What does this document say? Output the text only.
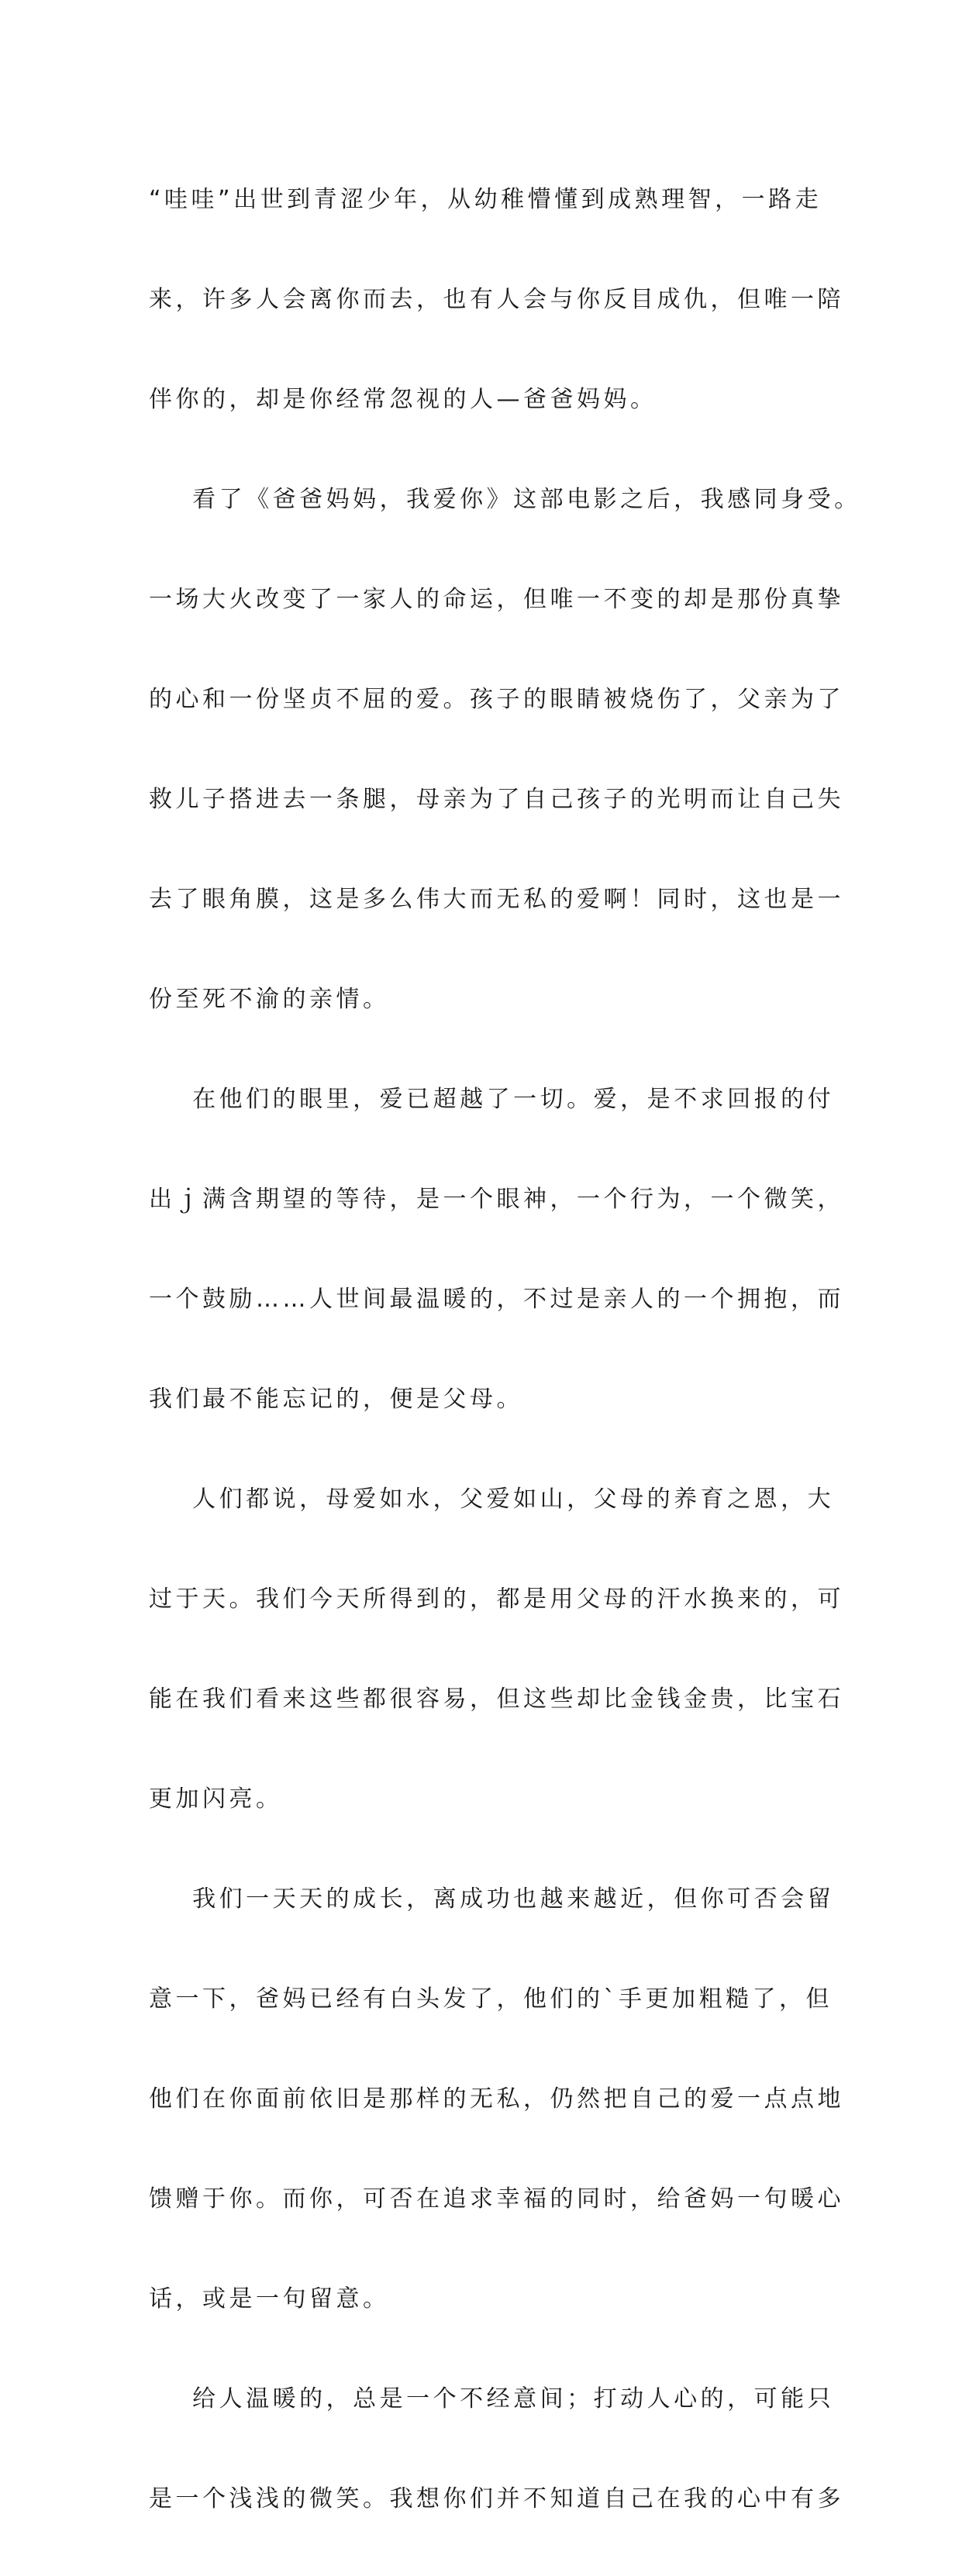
“哇哇”出世到青涩少年，从幼稚懵懂到成熟理智，一路走

来，许多人会离你而去，也有人会与你反目成仇，但唯一陪

伴你的，却是你经常忽视的人—爸爸妈妈。

看了《爸爸妈妈，我爱你》这部电影之后，我感同身受。

一场大火改变了一家人的命运，但唯一不变的却是那份真挚

的心和一份坚贞不屈的爱。孩子的眼睛被烧伤了，父亲为了

救儿子搭进去一条腿，母亲为了自己孩子的光明而让自己失

去了眼角膜，这是多么伟大而无私的爱啊！同时，这也是一

份至死不渝的亲情。

在他们的眼里，爱已超越了一切。爱，是不求回报的付

出ｊ满含期望的等待，是一个眼神，一个行为，一个微笑，

一个鼓励……人世间最温暖的，不过是亲人的一个拥抱，而

我们最不能忘记的，便是父母。

人们都说，母爱如水，父爱如山，父母的养育之恩，大

过于天。我们今天所得到的，都是用父母的汗水换来的，可

能在我们看来这些都很容易，但这些却比金钱金贵，比宝石

更加闪亮。

我们一天天的成长，离成功也越来越近，但你可否会留

意一下，爸妈已经有白头发了，他们的`手更加粗糙了，但

他们在你面前依旧是那样的无私，仍然把自己的爱一点点地

馈赠于你。而你，可否在追求幸福的同时，给爸妈一句暖心

话，或是一句留意。

给人温暖的，总是一个不经意间；打动人心的，可能只

是一个浅浅的微笑。我想你们并不知道自己在我的心中有多
